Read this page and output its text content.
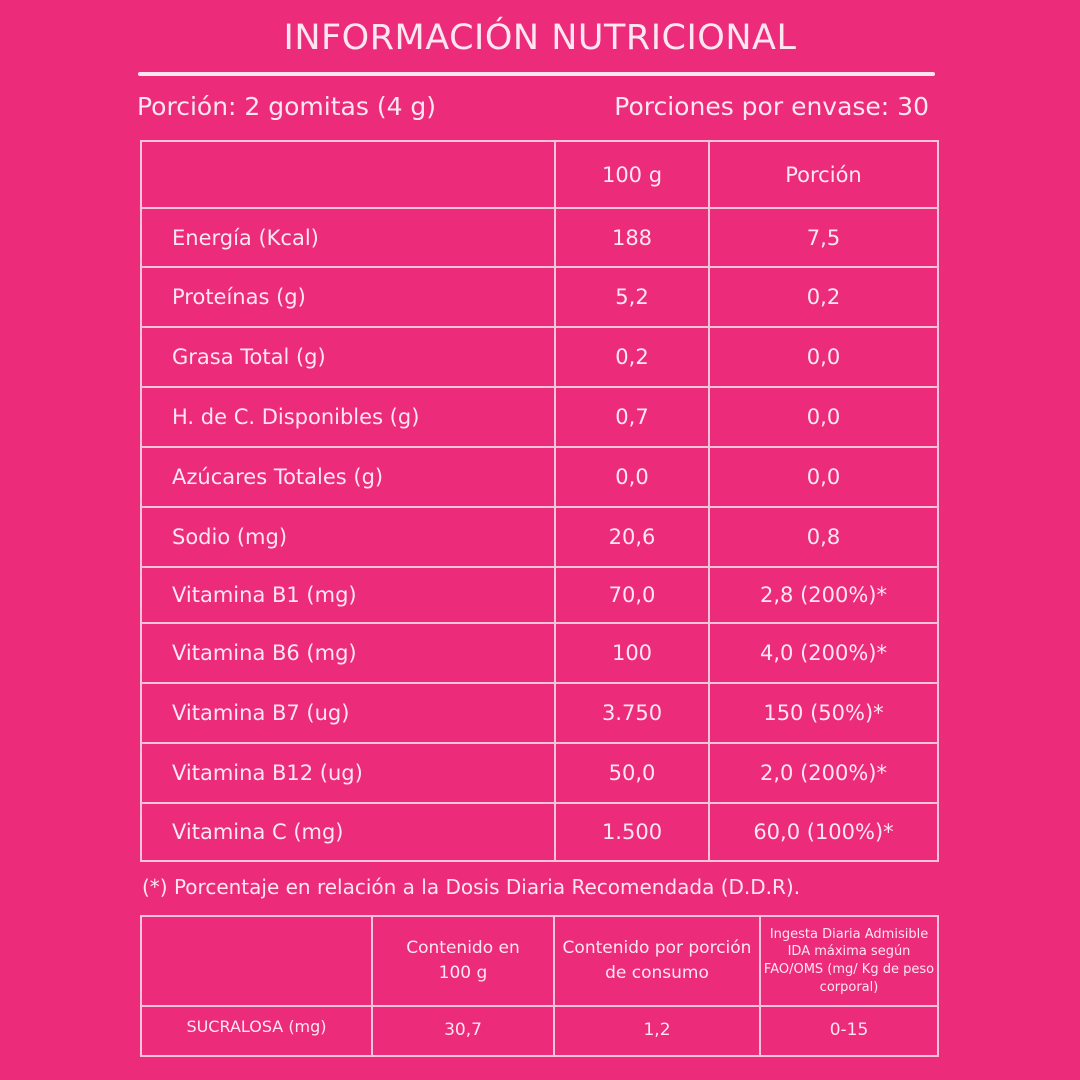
INFORMACIÓN NUTRICIONAL
Porción: 2 gomitas (4 g)	Porciones por envase: 30
	100 g	Porción
Energía (Kcal)	188	7,5
Proteínas (g)	5,2	0,2
Grasa Total (g)	0,2	0,0
H. de C. Disponibles (g)	0,7	0,0
Azúcares Totales (g)	0,0	0,0
Sodio (mg)	20,6	0,8
Vitamina B1 (mg)	70,0	2,8 (200%)*
Vitamina B6 (mg)	100	4,0 (200%)*
Vitamina B7 (ug)	3.750	150 (50%)*
Vitamina B12 (ug)	50,0	2,0 (200%)*
Vitamina C (mg)	1.500	60,0 (100%)*
(*) Porcentaje en relación a la Dosis Diaria Recomendada (D.D.R).
	Contenido en 100 g	Contenido por porción de consumo	Ingesta Diaria Admisible IDA máxima según FAO/OMS (mg/ Kg de peso corporal)
SUCRALOSA (mg)	30,7	1,2	0-15
